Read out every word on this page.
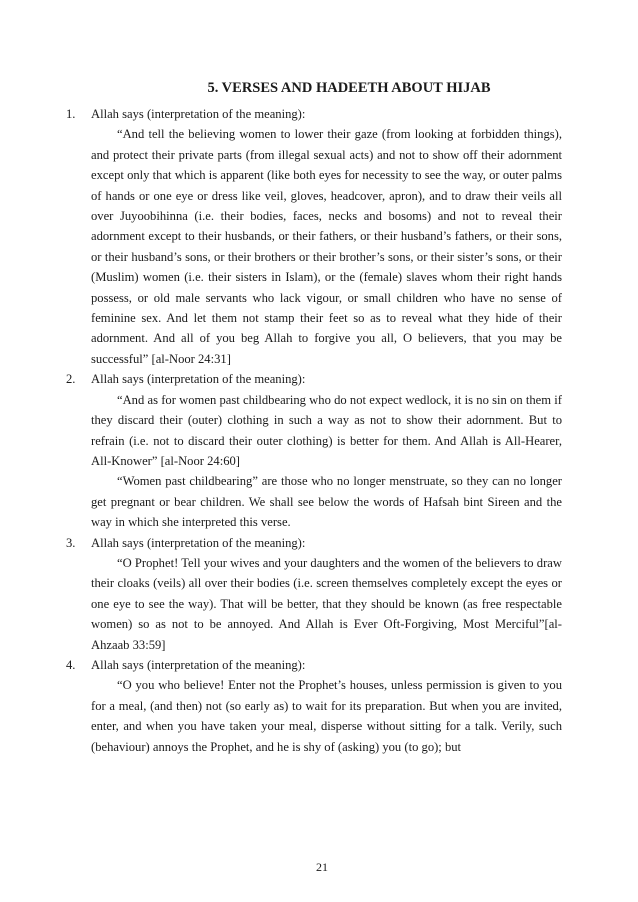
5. VERSES AND HADEETH ABOUT HIJAB
1. Allah says (interpretation of the meaning):
“And tell the believing women to lower their gaze (from looking at forbidden things), and protect their private parts (from illegal sexual acts) and not to show off their adornment except only that which is apparent (like both eyes for necessity to see the way, or outer palms of hands or one eye or dress like veil, gloves, headcover, apron), and to draw their veils all over Juyoobihinna (i.e. their bodies, faces, necks and bosoms) and not to reveal their adornment except to their husbands, or their fathers, or their husband’s fathers, or their sons, or their husband’s sons, or their brothers or their brother’s sons, or their sister’s sons, or their (Muslim) women (i.e. their sisters in Islam), or the (female) slaves whom their right hands possess, or old male servants who lack vigour, or small children who have no sense of feminine sex. And let them not stamp their feet so as to reveal what they hide of their adornment. And all of you beg Allah to forgive you all, O believers, that you may be successful” [al-Noor 24:31]
2. Allah says (interpretation of the meaning):
“And as for women past childbearing who do not expect wedlock, it is no sin on them if they discard their (outer) clothing in such a way as not to show their adornment. But to refrain (i.e. not to discard their outer clothing) is better for them. And Allah is All-Hearer, All-Knower” [al-Noor 24:60]
“Women past childbearing” are those who no longer menstruate, so they can no longer get pregnant or bear children. We shall see below the words of Hafsah bint Sireen and the way in which she interpreted this verse.
3. Allah says (interpretation of the meaning):
“O Prophet! Tell your wives and your daughters and the women of the believers to draw their cloaks (veils) all over their bodies (i.e. screen themselves completely except the eyes or one eye to see the way). That will be better, that they should be known (as free respectable women) so as not to be annoyed. And Allah is Ever Oft-Forgiving, Most Merciful”[al-Ahzaab 33:59]
4. Allah says (interpretation of the meaning):
“O you who believe! Enter not the Prophet’s houses, unless permission is given to you for a meal, (and then) not (so early as) to wait for its preparation. But when you are invited, enter, and when you have taken your meal, disperse without sitting for a talk. Verily, such (behaviour) annoys the Prophet, and he is shy of (asking) you (to go); but
21
